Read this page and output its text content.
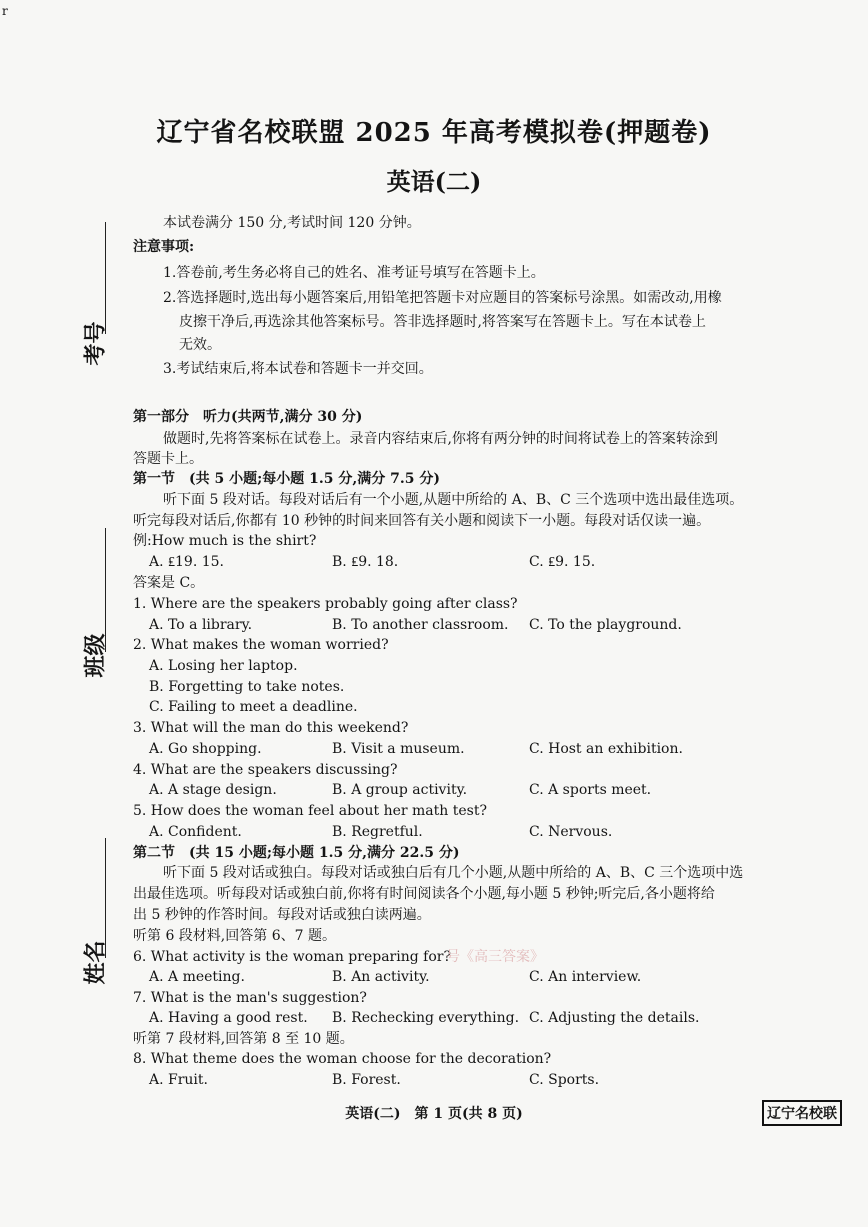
r
辽宁省名校联盟 2025 年高考模拟卷(押题卷)
英语(二)
考号
班级
姓名
本试卷满分 150 分,考试时间 120 分钟。
注意事项:
1.答卷前,考生务必将自己的姓名、准考证号填写在答题卡上。
2.答选择题时,选出每小题答案后,用铅笔把答题卡对应题目的答案标号涂黑。如需改动,用橡
皮擦干净后,再选涂其他答案标号。答非选择题时,将答案写在答题卡上。写在本试卷上
无效。
3.考试结束后,将本试卷和答题卡一并交回。
第一部分　听力(共两节,满分 30 分)
做题时,先将答案标在试卷上。录音内容结束后,你将有两分钟的时间将试卷上的答案转涂到
答题卡上。
第一节　(共 5 小题;每小题 1.5 分,满分 7.5 分)
听下面 5 段对话。每段对话后有一个小题,从题中所给的 A、B、C 三个选项中选出最佳选项。
听完每段对话后,你都有 10 秒钟的时间来回答有关小题和阅读下一小题。每段对话仅读一遍。
例:How much is the shirt?
A. ₤19. 15.	B. ₤9. 18.	C. ₤9. 15.
答案是 C。
1. Where are the speakers probably going after class?
A. To a library.	B. To another classroom. C. To the playground.
2. What makes the woman worried?
A. Losing her laptop.
B. Forgetting to take notes.
C. Failing to meet a deadline.
3. What will the man do this weekend?
A. Go shopping.	B. Visit a museum.	C. Host an exhibition.
4. What are the speakers discussing?
A. A stage design.	B. A group activity.	C. A sports meet.
5. How does the woman feel about her math test?
A. Confident.	B. Regretful.	C. Nervous.
第二节　(共 15 小题;每小题 1.5 分,满分 22.5 分)
听下面 5 段对话或独白。每段对话或独白后有几个小题,从题中所给的 A、B、C 三个选项中选
出最佳选项。听每段对话或独白前,你将有时间阅读各个小题,每小题 5 秒钟;听完后,各小题将给
出 5 秒钟的作答时间。每段对话或独白读两遍。
听第 6 段材料,回答第 6、7 题。
6. What activity is the woman preparing for?
号《高三答案》
A. A meeting.	B. An activity.	C. An interview.
7. What is the man's suggestion?
A. Having a good rest. B. Rechecking everything. C. Adjusting the details.
听第 7 段材料,回答第 8 至 10 题。
8. What theme does the woman choose for the decoration?
A. Fruit.	B. Forest.	C. Sports.
英语(二)　第 1 页(共 8 页)	辽宁名校联
